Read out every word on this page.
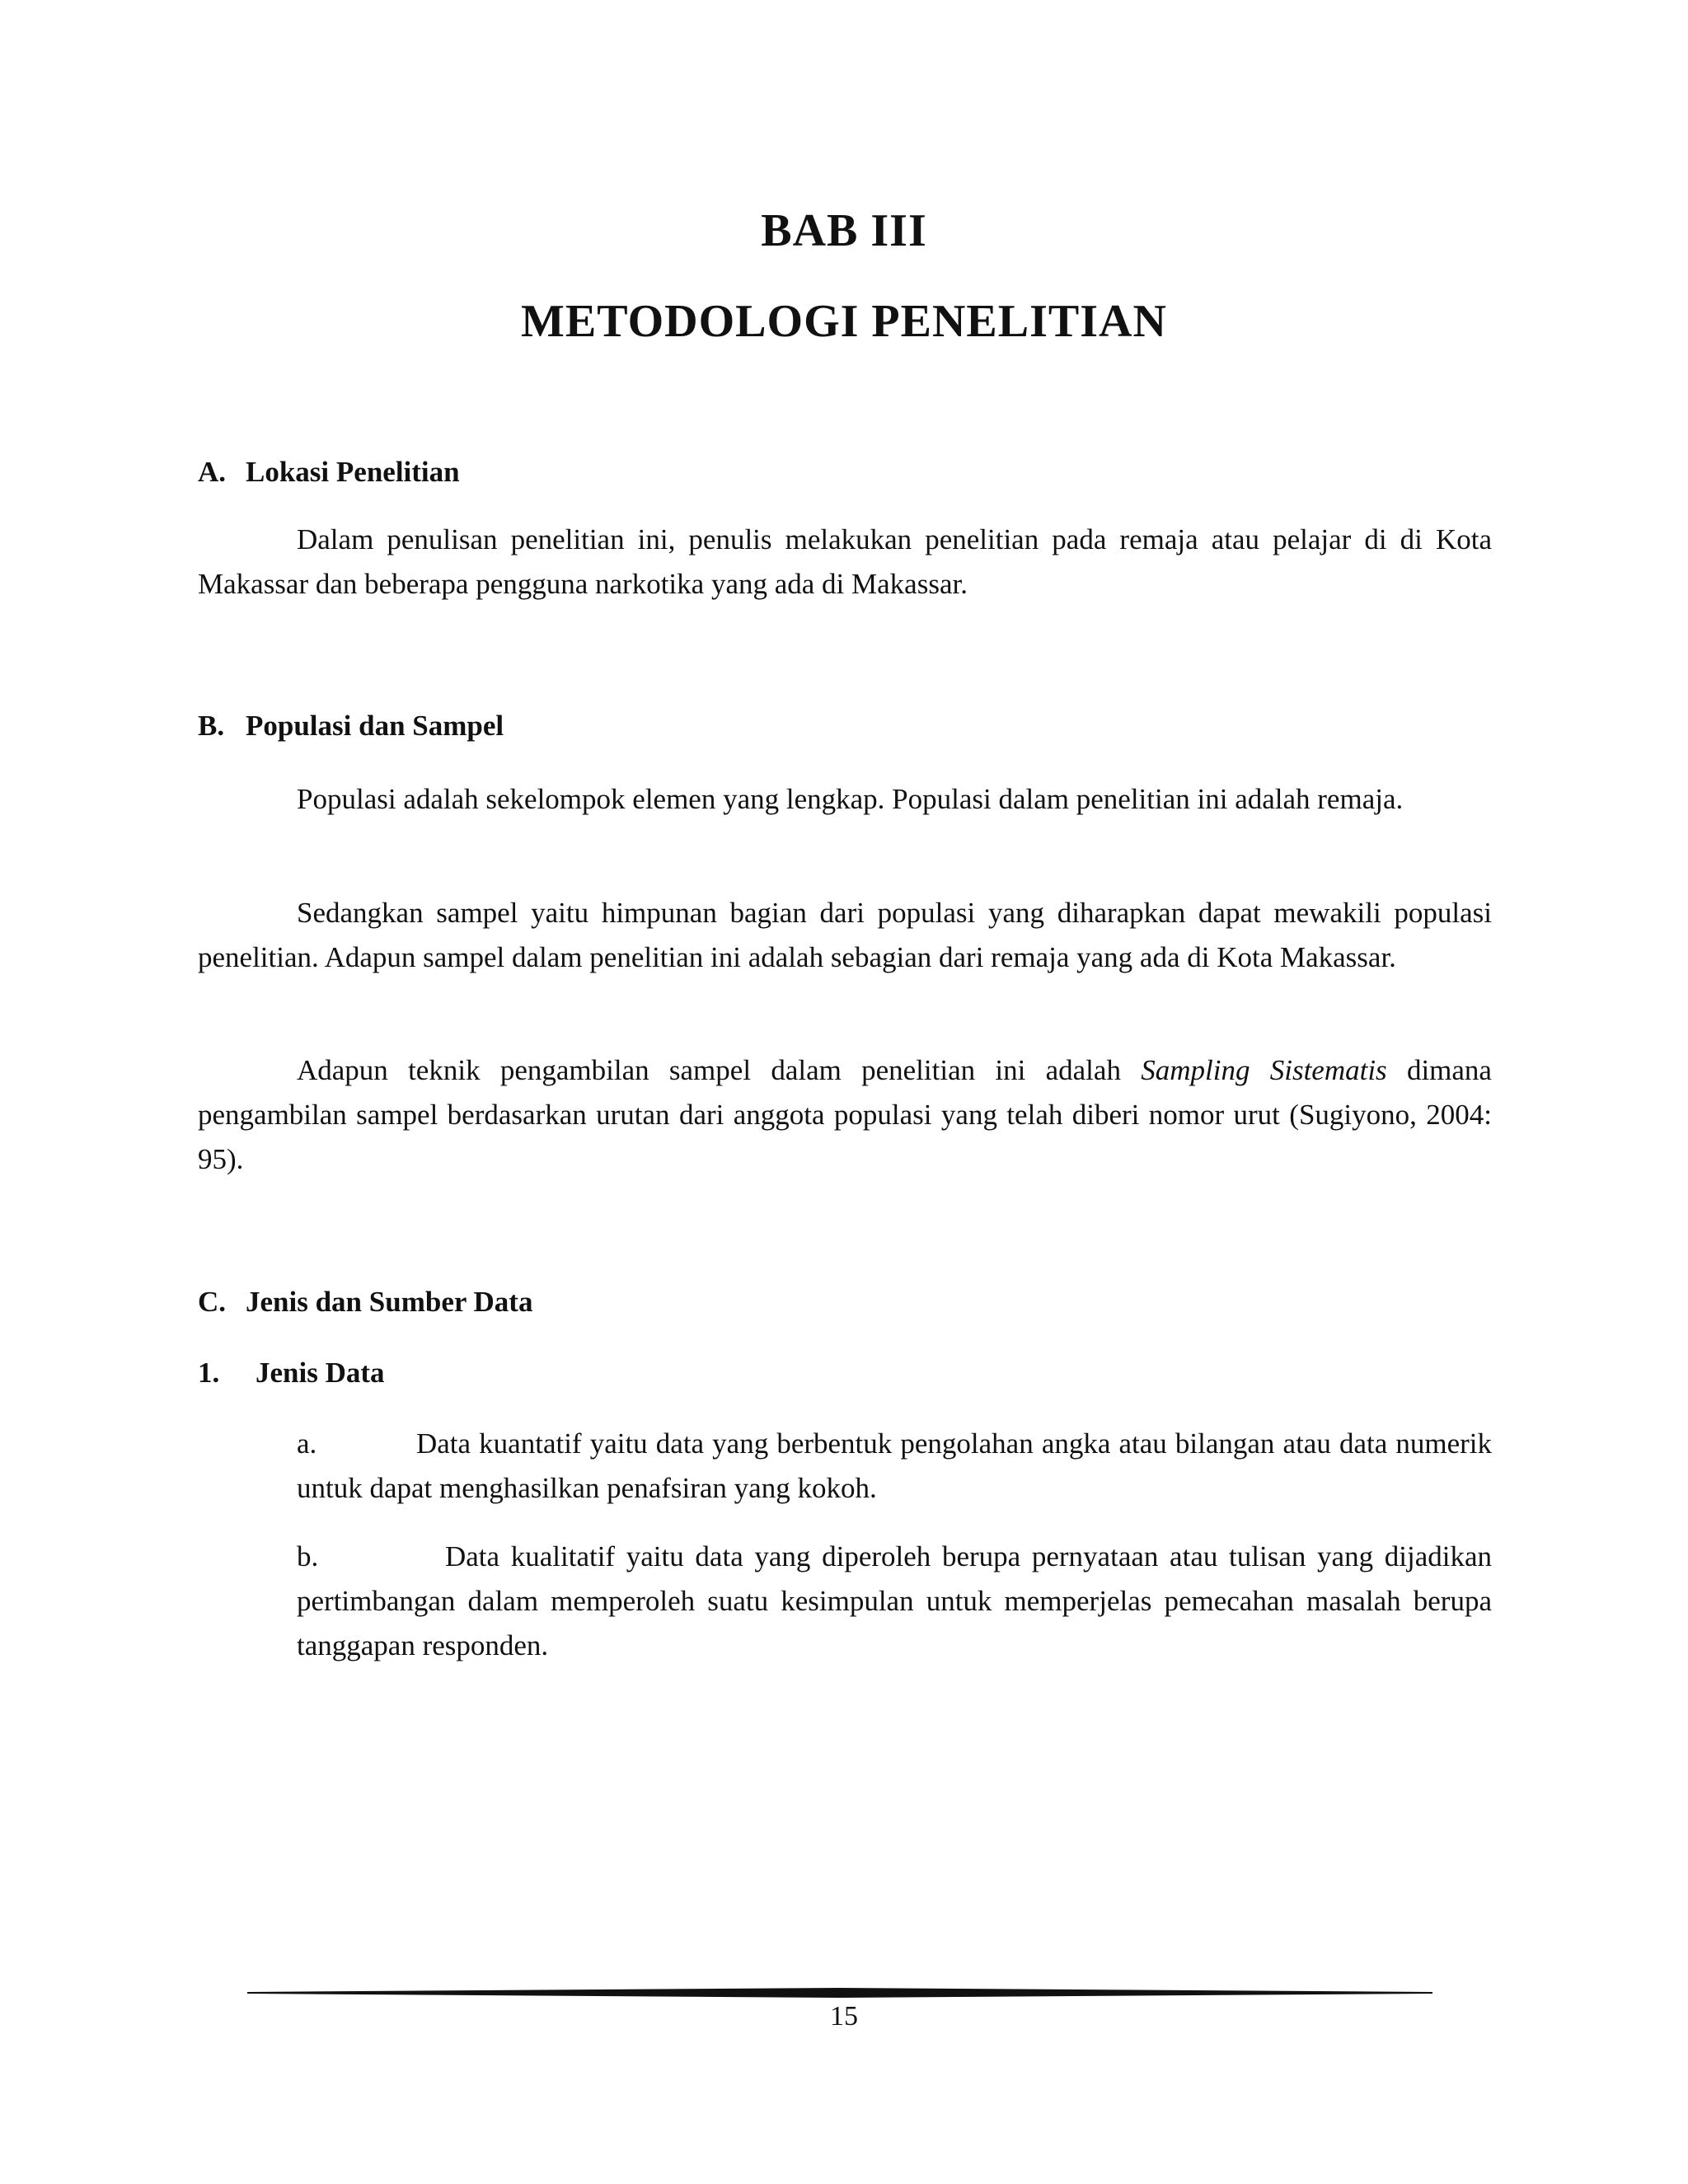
BAB III
METODOLOGI PENELITIAN
A. Lokasi Penelitian
Dalam penulisan penelitian ini, penulis melakukan penelitian pada remaja atau pelajar di di Kota Makassar dan beberapa pengguna narkotika yang ada di Makassar.
B. Populasi dan Sampel
Populasi adalah sekelompok elemen yang lengkap. Populasi dalam penelitian ini adalah remaja.
Sedangkan sampel yaitu himpunan bagian dari populasi yang diharapkan dapat mewakili populasi penelitian. Adapun sampel dalam penelitian ini adalah sebagian dari remaja yang ada di Kota Makassar.
Adapun teknik pengambilan sampel dalam penelitian ini adalah Sampling Sistematis dimana pengambilan sampel berdasarkan urutan dari anggota populasi yang telah diberi nomor urut (Sugiyono, 2004: 95).
C. Jenis dan Sumber Data
1. Jenis Data
a.	Data kuantatif yaitu data yang berbentuk pengolahan angka atau bilangan atau data numerik untuk dapat menghasilkan penafsiran yang kokoh.
b.	Data kualitatif yaitu data yang diperoleh berupa pernyataan atau tulisan yang dijadikan pertimbangan dalam memperoleh suatu kesimpulan untuk memperjelas pemecahan masalah berupa tanggapan responden.
15
